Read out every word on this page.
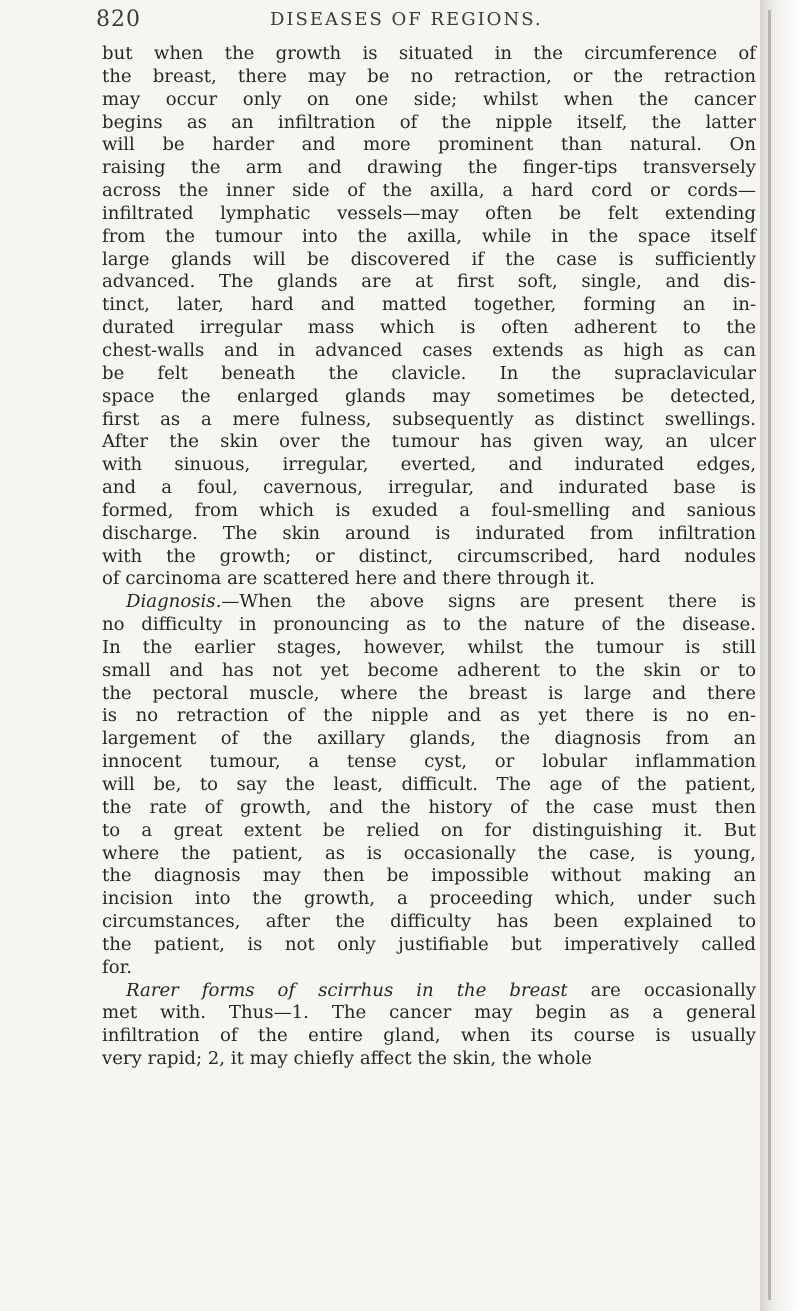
820	DISEASES OF REGIONS.
but when the growth is situated in the circumference of
the breast, there may be no retraction, or the retraction
may occur only on one side; whilst when the cancer
begins as an infiltration of the nipple itself, the latter
will be harder and more prominent than natural. On
raising the arm and drawing the finger-tips transversely
across the inner side of the axilla, a hard cord or cords—
infiltrated lymphatic vessels—may often be felt extending
from the tumour into the axilla, while in the space itself
large glands will be discovered if the case is sufficiently
advanced. The glands are at first soft, single, and dis-
tinct, later, hard and matted together, forming an in-
durated irregular mass which is often adherent to the
chest-walls and in advanced cases extends as high as can
be felt beneath the clavicle. In the supraclavicular
space the enlarged glands may sometimes be detected,
first as a mere fulness, subsequently as distinct swellings.
After the skin over the tumour has given way, an ulcer
with sinuous, irregular, everted, and indurated edges,
and a foul, cavernous, irregular, and indurated base is
formed, from which is exuded a foul-smelling and sanious
discharge. The skin around is indurated from infiltration
with the growth; or distinct, circumscribed, hard nodules
of carcinoma are scattered here and there through it.
Diagnosis.—When the above signs are present there is
no difficulty in pronouncing as to the nature of the disease.
In the earlier stages, however, whilst the tumour is still
small and has not yet become adherent to the skin or to
the pectoral muscle, where the breast is large and there
is no retraction of the nipple and as yet there is no en-
largement of the axillary glands, the diagnosis from an
innocent tumour, a tense cyst, or lobular inflammation
will be, to say the least, difficult. The age of the patient,
the rate of growth, and the history of the case must then
to a great extent be relied on for distinguishing it. But
where the patient, as is occasionally the case, is young,
the diagnosis may then be impossible without making an
incision into the growth, a proceeding which, under such
circumstances, after the difficulty has been explained to
the patient, is not only justifiable but imperatively called
for.
Rarer forms of scirrhus in the breast are occasionally
met with. Thus—1. The cancer may begin as a general
infiltration of the entire gland, when its course is usually
very rapid; 2, it may chiefly affect the skin, the whole
